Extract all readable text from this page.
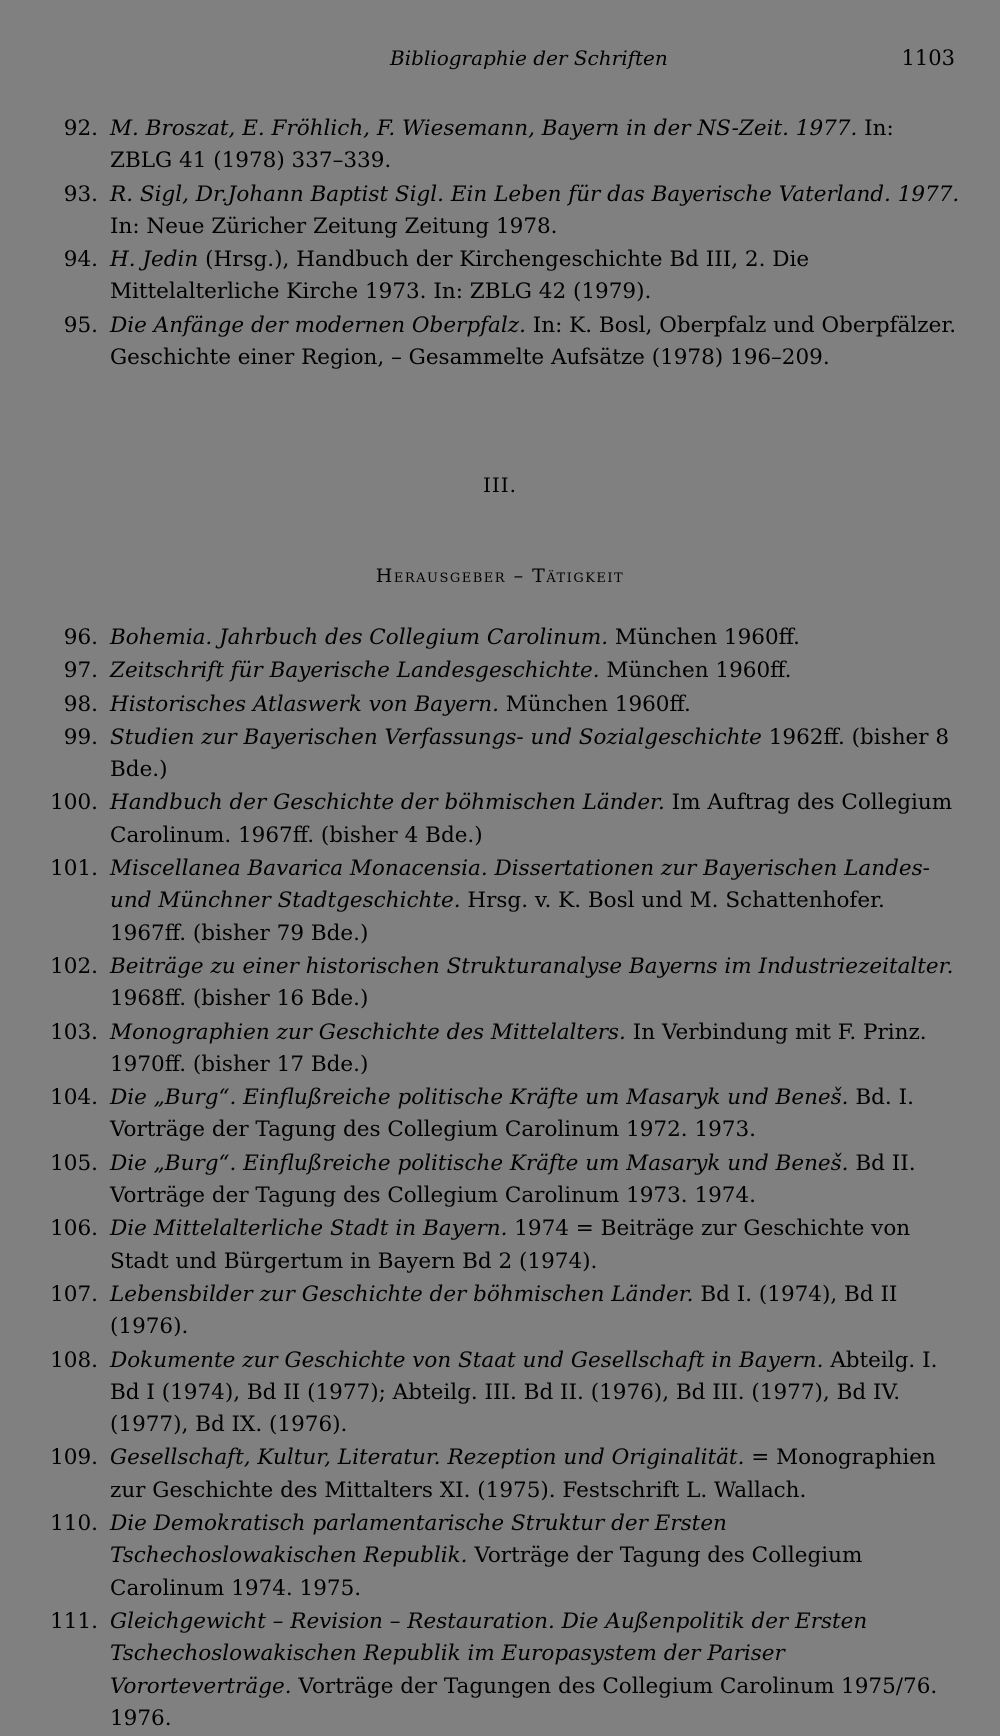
Bibliographie der Schriften	1103
92. M. Broszat, E. Fröhlich, F. Wiesemann, Bayern in der NS-Zeit. 1977. In: ZBLG 41 (1978) 337–339.
93. R. Sigl, Dr.Johann Baptist Sigl. Ein Leben für das Bayerische Vaterland. 1977. In: Neue Züricher Zeitung Zeitung 1978.
94. H. Jedin (Hrsg.), Handbuch der Kirchengeschichte Bd III, 2. Die Mittelalterliche Kirche 1973. In: ZBLG 42 (1979).
95. Die Anfänge der modernen Oberpfalz. In: K. Bosl, Oberpfalz und Oberpfälzer. Geschichte einer Region, – Gesammelte Aufsätze (1978) 196–209.
III.
Herausgeber – Tätigkeit
96. Bohemia. Jahrbuch des Collegium Carolinum. München 1960ff.
97. Zeitschrift für Bayerische Landesgeschichte. München 1960ff.
98. Historisches Atlaswerk von Bayern. München 1960ff.
99. Studien zur Bayerischen Verfassungs- und Sozialgeschichte 1962ff. (bisher 8 Bde.)
100. Handbuch der Geschichte der böhmischen Länder. Im Auftrag des Collegium Carolinum. 1967ff. (bisher 4 Bde.)
101. Miscellanea Bavarica Monacensia. Dissertationen zur Bayerischen Landes- und Münchner Stadtgeschichte. Hrsg. v. K. Bosl und M. Schattenhofer. 1967ff. (bisher 79 Bde.)
102. Beiträge zu einer historischen Strukturanalyse Bayerns im Industriezeitalter. 1968ff. (bisher 16 Bde.)
103. Monographien zur Geschichte des Mittelalters. In Verbindung mit F. Prinz. 1970ff. (bisher 17 Bde.)
104. Die „Burg“. Einflußreiche politische Kräfte um Masaryk und Beneš. Bd. I. Vorträge der Tagung des Collegium Carolinum 1972. 1973.
105. Die „Burg“. Einflußreiche politische Kräfte um Masaryk und Beneš. Bd II. Vorträge der Tagung des Collegium Carolinum 1973. 1974.
106. Die Mittelalterliche Stadt in Bayern. 1974 = Beiträge zur Geschichte von Stadt und Bürgertum in Bayern Bd 2 (1974).
107. Lebensbilder zur Geschichte der böhmischen Länder. Bd I. (1974), Bd II (1976).
108. Dokumente zur Geschichte von Staat und Gesellschaft in Bayern. Abteilg. I. Bd I (1974), Bd II (1977); Abteilg. III. Bd II. (1976), Bd III. (1977), Bd IV. (1977), Bd IX. (1976).
109. Gesellschaft, Kultur, Literatur. Rezeption und Originalität. = Monographien zur Geschichte des Mittalters XI. (1975). Festschrift L. Wallach.
110. Die Demokratisch parlamentarische Struktur der Ersten Tschechoslowakischen Republik. Vorträge der Tagung des Collegium Carolinum 1974. 1975.
111. Gleichgewicht – Revision – Restauration. Die Außenpolitik der Ersten Tschechoslowakischen Republik im Europasystem der Pariser Vororteverträge. Vorträge der Tagungen des Collegium Carolinum 1975/76. 1976.
